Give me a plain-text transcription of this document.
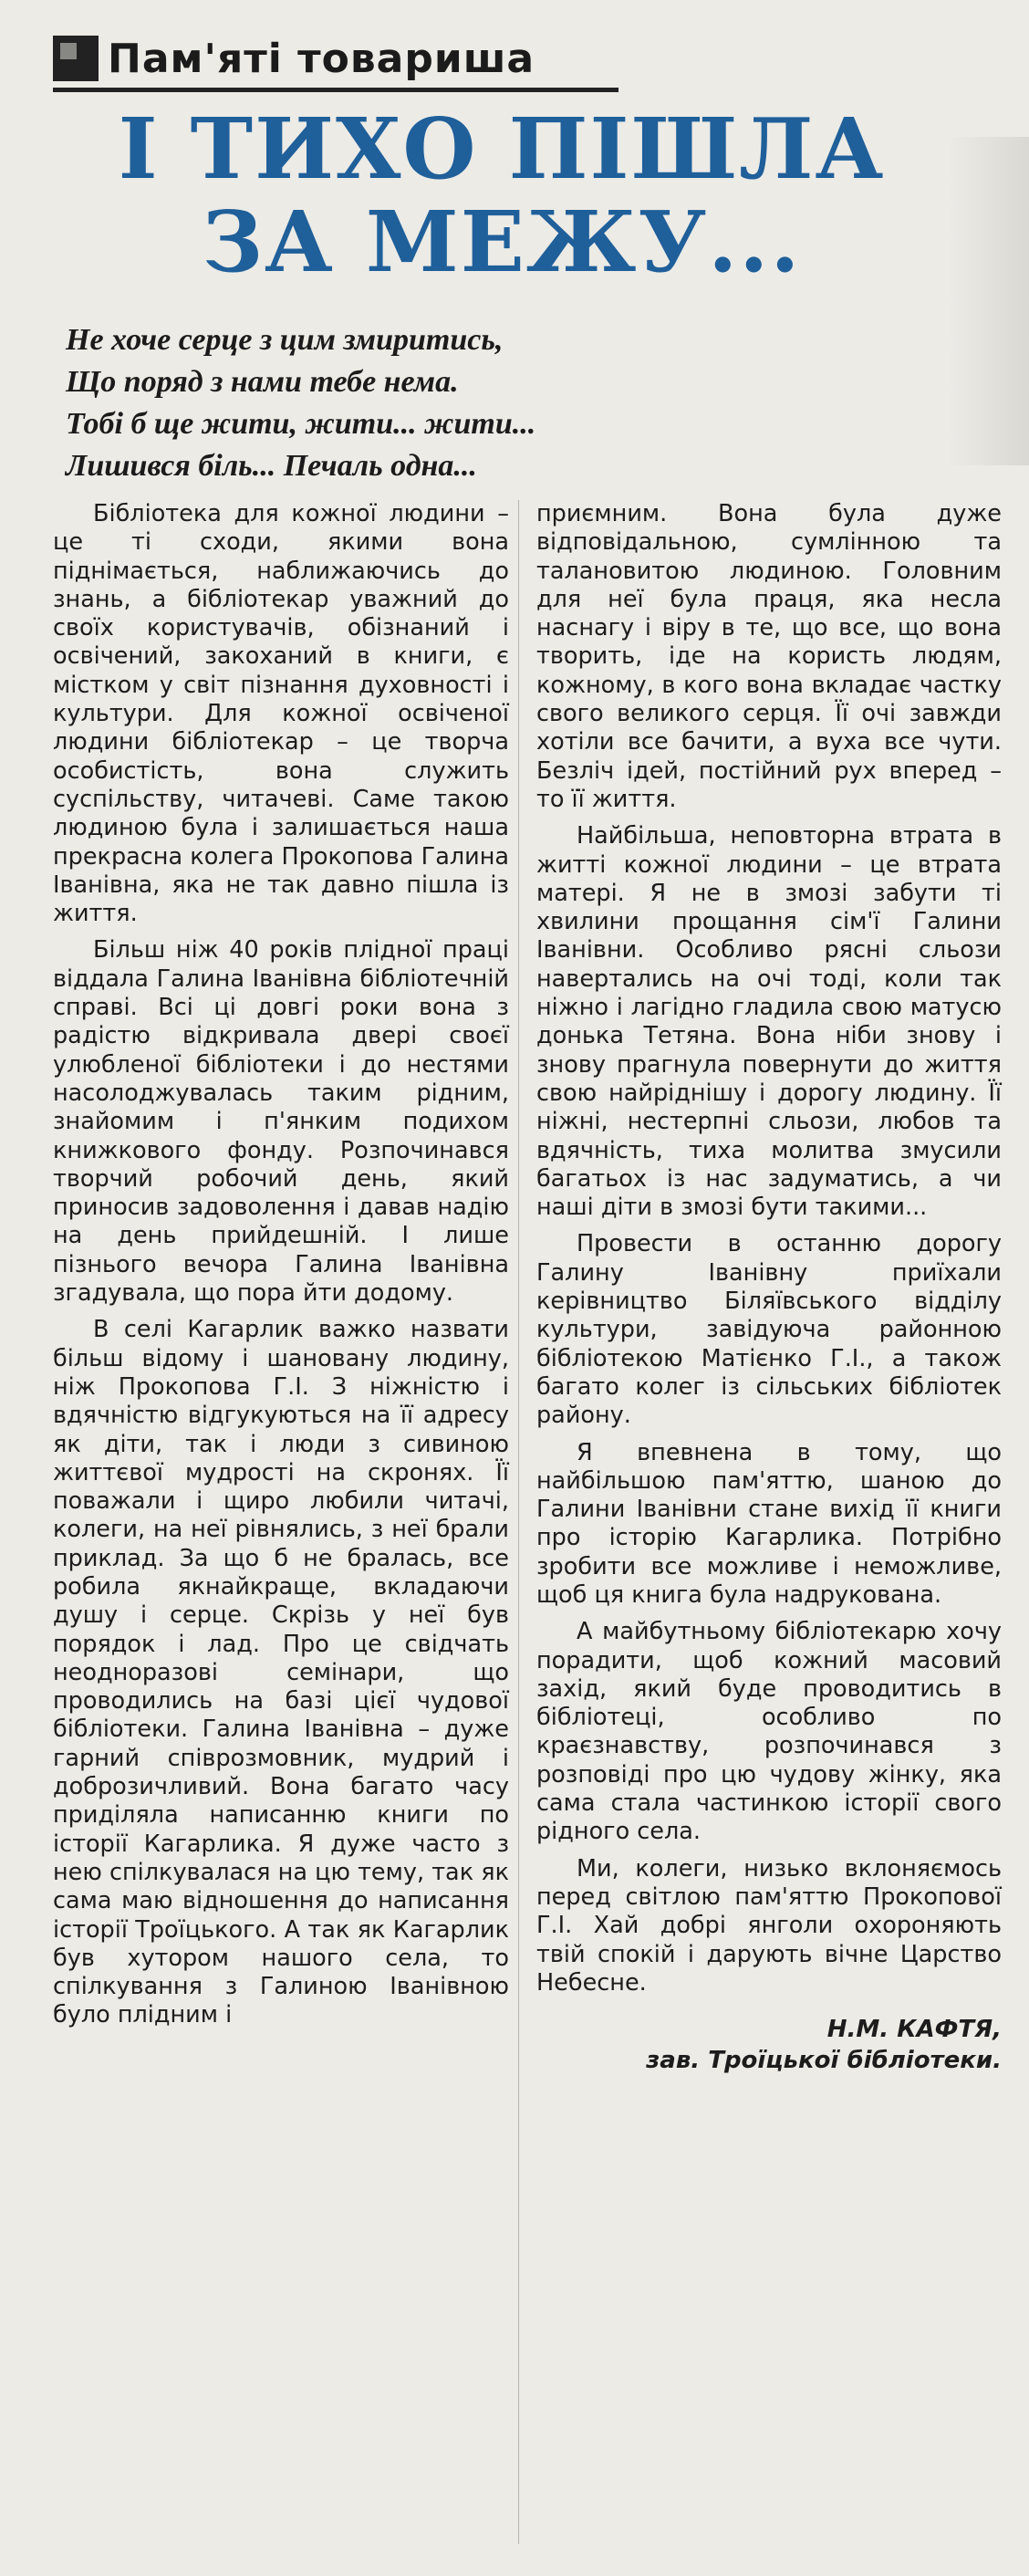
Пам'яті товариша
І ТИХО ПІШЛА
ЗА МЕЖУ...
Не хоче серце з цим змиритись,
Що поряд з нами тебе нема.
Тобі б ще жити, жити... жити...
Лишився біль... Печаль одна...

Бібліотека для кожної людини – це ті сходи, якими вона піднімається, наближаючись до знань, а бібліотекар уважний до своїх користувачів, обізнаний і освічений, закоханий в книги, є містком у світ пізнання духовності і культури. Для кожної освіченої людини бібліотекар – це творча особистість, вона служить суспільству, читачеві. Саме такою людиною була і залишається наша прекрасна колега Прокопова Галина Іванівна, яка не так давно пішла із життя.

Більш ніж 40 років плідної праці віддала Галина Іванівна бібліотечній справі. Всі ці довгі роки вона з радістю відкривала двері своєї улюбленої бібліотеки і до нестями насолоджувалась таким рідним, знайомим і п'янким подихом книжкового фонду. Розпочинався творчий робочий день, який приносив задоволення і давав надію на день прийдешній. І лише пізнього вечора Галина Іванівна згадувала, що пора йти додому.

В селі Кагарлик важко назвати більш відому і шановану людину, ніж Прокопова Г.І. З ніжністю і вдячністю відгукуються на її адресу як діти, так і люди з сивиною життєвої мудрості на скронях. Її поважали і щиро любили читачі, колеги, на неї рівнялись, з неї брали приклад. За що б не бралась, все робила якнайкраще, вкладаючи душу і серце. Скрізь у неї був порядок і лад. Про це свідчать неодноразові семінари, що проводились на базі цієї чудової бібліотеки. Галина Іванівна – дуже гарний співрозмовник, мудрий і доброзичливий. Вона багато часу приділяла написанню книги по історії Кагарлика. Я дуже часто з нею спілкувалася на цю тему, так як сама маю відношення до написання історії Троїцького. А так як Кагарлик був хутором нашого села, то спілкування з Галиною Іванівною було плідним і

приємним. Вона була дуже відповідальною, сумлінною та талановитою людиною. Головним для неї була праця, яка несла наснагу і віру в те, що все, що вона творить, іде на користь людям, кожному, в кого вона вкладає частку свого великого серця. Її очі завжди хотіли все бачити, а вуха все чути. Безліч ідей, постійний рух вперед – то її життя.

Найбільша, неповторна втрата в житті кожної людини – це втрата матері. Я не в змозі забути ті хвилини прощання сім'ї Галини Іванівни. Особливо рясні сльози навертались на очі тоді, коли так ніжно і лагідно гладила свою матусю донька Тетяна. Вона ніби знову і знову прагнула повернути до життя свою найріднішу і дорогу людину. Її ніжні, нестерпні сльози, любов та вдячність, тиха молитва змусили багатьох із нас задуматись, а чи наші діти в змозі бути такими...

Провести в останню дорогу Галину Іванівну приїхали керівництво Біляївського відділу культури, завідуюча районною бібліотекою Матієнко Г.І., а також багато колег із сільських бібліотек району.

Я впевнена в тому, що найбільшою пам'яттю, шаною до Галини Іванівни стане вихід її книги про історію Кагарлика. Потрібно зробити все можливе і неможливе, щоб ця книга була надрукована.

А майбутньому бібліотекарю хочу порадити, щоб кожний масовий захід, який буде проводитись в бібліотеці, особливо по краєзнавству, розпочинався з розповіді про цю чудову жінку, яка сама стала частинкою історії свого рідного села.

Ми, колеги, низько вклоняємось перед світлою пам'яттю Прокопової Г.І. Хай добрі янголи охороняють твій спокій і дарують вічне Царство Небесне.

Н.М. КАФТЯ,
зав. Троїцької бібліотеки.
